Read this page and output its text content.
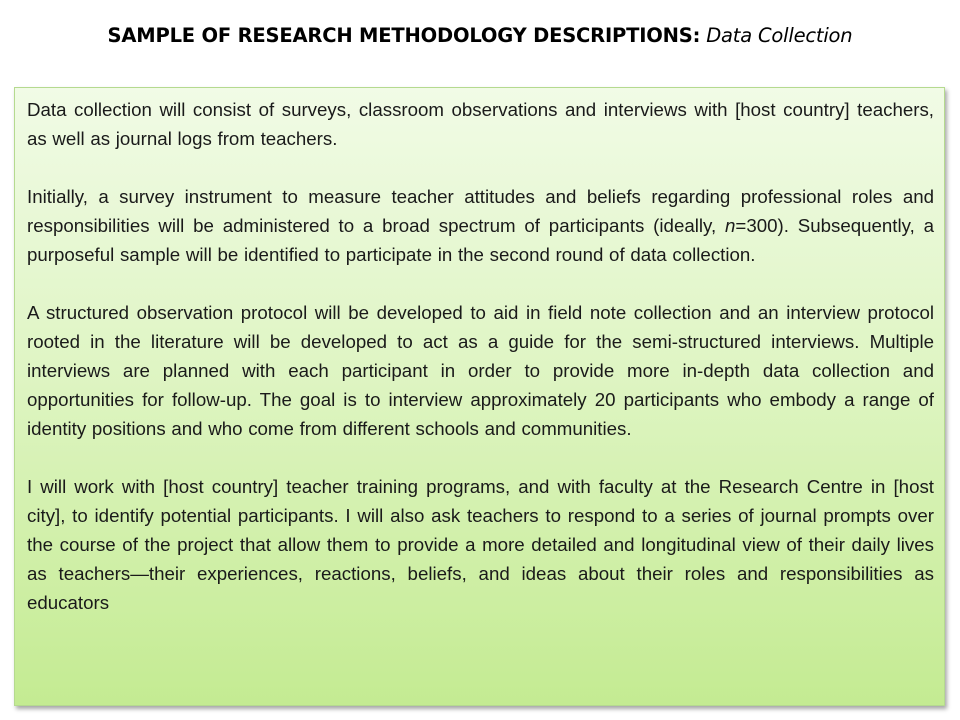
SAMPLE OF RESEARCH METHODOLOGY DESCRIPTIONS: Data Collection

Data collection will consist of surveys, classroom observations and interviews with [host country] teachers, as well as journal logs from teachers.

Initially, a survey instrument to measure teacher attitudes and beliefs regarding professional roles and responsibilities will be administered to a broad spectrum of participants (ideally, n=300). Subsequently, a purposeful sample will be identified to participate in the second round of data collection.

A structured observation protocol will be developed to aid in field note collection and an interview protocol rooted in the literature will be developed to act as a guide for the semi-structured interviews. Multiple interviews are planned with each participant in order to provide more in-depth data collection and opportunities for follow-up. The goal is to interview approximately 20 participants who embody a range of identity positions and who come from different schools and communities.

I will work with [host country] teacher training programs, and with faculty at the Research Centre in [host city], to identify potential participants. I will also ask teachers to respond to a series of journal prompts over the course of the project that allow them to provide a more detailed and longitudinal view of their daily lives as teachers—their experiences, reactions, beliefs, and ideas about their roles and responsibilities as educators
